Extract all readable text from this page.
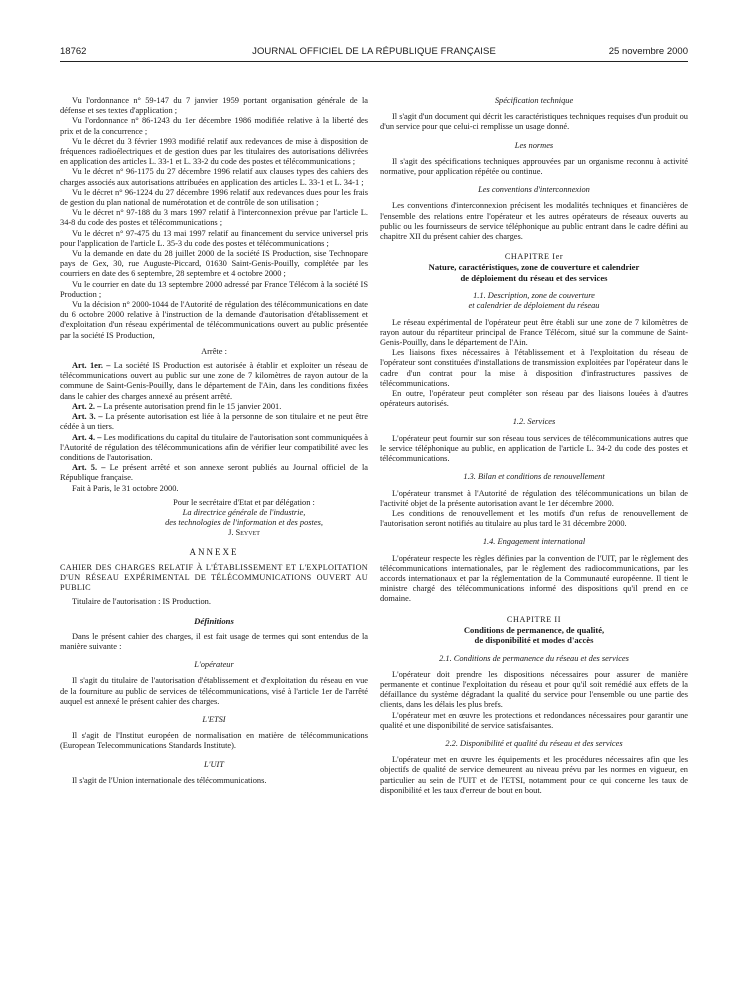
18762	JOURNAL OFFICIEL DE LA RÉPUBLIQUE FRANÇAISE	25 novembre 2000

Vu l'ordonnance n° 59-147 du 7 janvier 1959 portant organisation générale de la défense et ses textes d'application ;

Vu l'ordonnance n° 86-1243 du 1er décembre 1986 modifiée relative à la liberté des prix et de la concurrence ;

Vu le décret du 3 février 1993 modifié relatif aux redevances de mise à disposition de fréquences radioélectriques et de gestion dues par les titulaires des autorisations délivrées en application des articles L. 33-1 et L. 33-2 du code des postes et télécommunications ;

Vu le décret n° 96-1175 du 27 décembre 1996 relatif aux clauses types des cahiers des charges associés aux autorisations attribuées en application des articles L. 33-1 et L. 34-1 ;

Vu le décret n° 96-1224 du 27 décembre 1996 relatif aux redevances dues pour les frais de gestion du plan national de numérotation et de contrôle de son utilisation ;

Vu le décret n° 97-188 du 3 mars 1997 relatif à l'interconnexion prévue par l'article L. 34-8 du code des postes et télécommunications ;

Vu le décret n° 97-475 du 13 mai 1997 relatif au financement du service universel pris pour l'application de l'article L. 35-3 du code des postes et télécommunications ;

Vu la demande en date du 28 juillet 2000 de la société IS Production, sise Technopare pays de Gex, 30, rue Auguste-Piccard, 01630 Saint-Genis-Pouilly, complétée par les courriers en date des 6 septembre, 28 septembre et 4 octobre 2000 ;

Vu le courrier en date du 13 septembre 2000 adressé par France Télécom à la société IS Production ;

Vu la décision n° 2000-1044 de l'Autorité de régulation des télécommunications en date du 6 octobre 2000 relative à l'instruction de la demande d'autorisation d'établissement et d'exploitation d'un réseau expérimental de télécommunications ouvert au public présentée par la société IS Production,

Arrête :

Art. 1er. – La société IS Production est autorisée à établir et exploiter un réseau de télécommunications ouvert au public sur une zone de 7 kilomètres de rayon autour de la commune de Saint-Genis-Pouilly, dans le département de l'Ain, dans les conditions fixées dans le cahier des charges annexé au présent arrêté.

Art. 2. – La présente autorisation prend fin le 15 janvier 2001.

Art. 3. – La présente autorisation est liée à la personne de son titulaire et ne peut être cédée à un tiers.

Art. 4. – Les modifications du capital du titulaire de l'autorisation sont communiquées à l'Autorité de régulation des télécommunications afin de vérifier leur compatibilité avec les conditions de l'autorisation.

Art. 5. – Le présent arrêté et son annexe seront publiés au Journal officiel de la République française.

Fait à Paris, le 31 octobre 2000.

Pour le secrétaire d'Etat et par délégation :
La directrice générale de l'industrie,
des technologies de l'information et des postes,
J. Seyvet
ANNEXE

CAHIER DES CHARGES RELATIF À L'ÉTABLISSEMENT ET L'EXPLOITATION D'UN RÉSEAU EXPÉRIMENTAL DE TÉLÉCOMMUNICATIONS OUVERT AU PUBLIC

Titulaire de l'autorisation : IS Production.

Définitions

Dans le présent cahier des charges, il est fait usage de termes qui sont entendus de la manière suivante :

L'opérateur

Il s'agit du titulaire de l'autorisation d'établissement et d'exploitation du réseau en vue de la fourniture au public de services de télécommunications, visé à l'article 1er de l'arrêté auquel est annexé le présent cahier des charges.

L'ETSI

Il s'agit de l'Institut européen de normalisation en matière de télécommunications (European Telecommunications Standards Institute).

L'UIT

Il s'agit de l'Union internationale des télécommunications.

Spécification technique

Il s'agit d'un document qui décrit les caractéristiques techniques requises d'un produit ou d'un service pour que celui-ci remplisse un usage donné.

Les normes

Il s'agit des spécifications techniques approuvées par un organisme reconnu à activité normative, pour application répétée ou continue.

Les conventions d'interconnexion

Les conventions d'interconnexion précisent les modalités techniques et financières de l'ensemble des relations entre l'opérateur et les autres opérateurs de réseaux ouverts au public ou les fournisseurs de service téléphonique au public entrant dans le cadre défini au chapitre XII du présent cahier des charges.

CHAPITRE Ier
Nature, caractéristiques, zone de couverture et calendrier
de déploiement du réseau et des services
1.1. Description, zone de couverture
et calendrier de déploiement du réseau

Le réseau expérimental de l'opérateur peut être établi sur une zone de 7 kilomètres de rayon autour du répartiteur principal de France Télécom, situé sur la commune de Saint-Genis-Pouilly, dans le département de l'Ain.

Les liaisons fixes nécessaires à l'établissement et à l'exploitation du réseau de l'opérateur sont constituées d'installations de transmission exploitées par l'opérateur dans le cadre d'un contrat pour la mise à disposition d'infrastructures passives de télécommunications.

En outre, l'opérateur peut compléter son réseau par des liaisons louées à d'autres opérateurs autorisés.

1.2. Services

L'opérateur peut fournir sur son réseau tous services de télécommunications autres que le service téléphonique au public, en application de l'article L. 34-2 du code des postes et télécommunications.

1.3. Bilan et conditions de renouvellement

L'opérateur transmet à l'Autorité de régulation des télécommunications un bilan de l'activité objet de la présente autorisation avant le 1er décembre 2000.

Les conditions de renouvellement et les motifs d'un refus de renouvellement de l'autorisation seront notifiés au titulaire au plus tard le 31 décembre 2000.

1.4. Engagement international

L'opérateur respecte les règles définies par la convention de l'UIT, par le règlement des télécommunications internationales, par le règlement des radiocommunications, par les accords internationaux et par la réglementation de la Communauté européenne. Il tient le ministre chargé des télécommunications informé des dispositions qu'il prend en ce domaine.

CHAPITRE II
Conditions de permanence, de qualité,
de disponibilité et modes d'accès
2.1. Conditions de permanence du réseau et des services

L'opérateur doit prendre les dispositions nécessaires pour assurer de manière permanente et continue l'exploitation du réseau et pour qu'il soit remédié aux effets de la défaillance du système dégradant la qualité du service pour l'ensemble ou une partie des clients, dans les délais les plus brefs.

L'opérateur met en œuvre les protections et redondances nécessaires pour garantir une qualité et une disponibilité de service satisfaisantes.

2.2. Disponibilité et qualité du réseau et des services

L'opérateur met en œuvre les équipements et les procédures nécessaires afin que les objectifs de qualité de service demeurent au niveau prévu par les normes en vigueur, en particulier au sein de l'UIT et de l'ETSI, notamment pour ce qui concerne les taux de disponibilité et les taux d'erreur de bout en bout.
